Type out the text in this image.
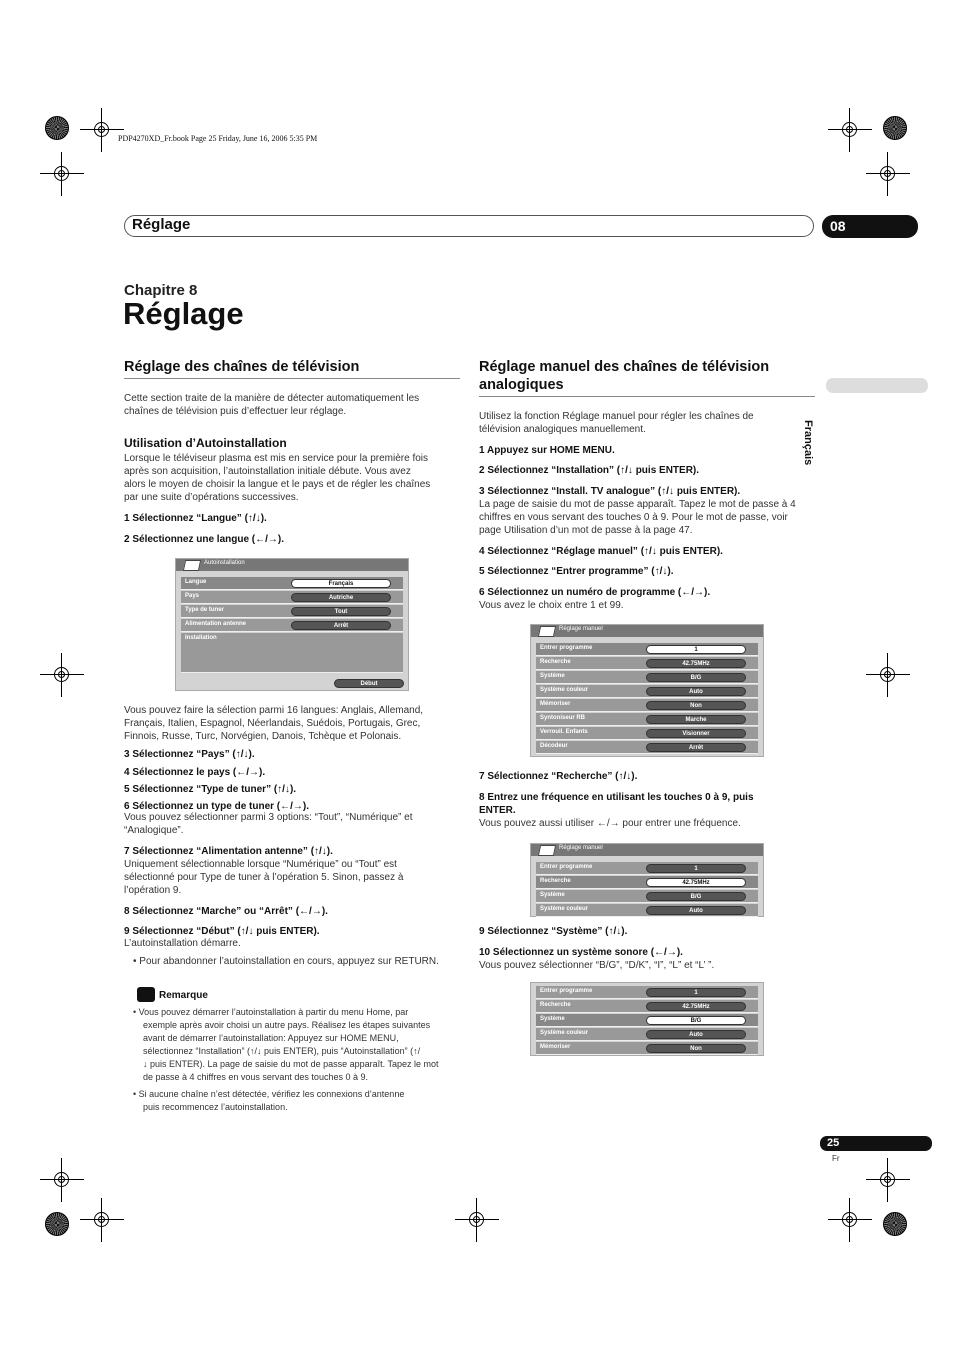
PDP4270XD_Fr.book Page 25 Friday, June 16, 2006 5:35 PM
Réglage	08
Français
Chapitre 8
Réglage
Réglage des chaînes de télévision
Cette section traite de la manière de détecter automatiquement les
chaînes de télévision puis d’effectuer leur réglage.
Utilisation d’Autoinstallation
Lorsque le téléviseur plasma est mis en service pour la première fois
après son acquisition, l’autoinstallation initiale débute. Vous avez
alors le moyen de choisir la langue et le pays et de régler les chaînes
par une suite d’opérations successives.
1 Sélectionnez “Langue” (↑/↓).
2 Sélectionnez une langue (←/→).
Autoinstallation
Langue	Français
Pays	Autriche
Type de tuner	Tout
Alimentation antenne	Arrêt
Installation
Début
Vous pouvez faire la sélection parmi 16 langues: Anglais, Allemand,
Français, Italien, Espagnol, Néerlandais, Suédois, Portugais, Grec,
Finnois, Russe, Turc, Norvégien, Danois, Tchèque et Polonais.
3 Sélectionnez “Pays” (↑/↓).
4 Sélectionnez le pays (←/→).
5 Sélectionnez “Type de tuner” (↑/↓).
6 Sélectionnez un type de tuner (←/→).
Vous pouvez sélectionner parmi 3 options: “Tout”, “Numérique” et
“Analogique”.
7 Sélectionnez “Alimentation antenne” (↑/↓).
Uniquement sélectionnable lorsque “Numérique” ou “Tout” est
sélectionné pour Type de tuner à l’opération 5. Sinon, passez à
l’opération 9.
8 Sélectionnez “Marche” ou “Arrêt” (←/→).
9 Sélectionnez “Début” (↑/↓ puis ENTER).
L’autoinstallation démarre.
• Pour abandonner l’autoinstallation en cours, appuyez sur RETURN.
Remarque
• Vous pouvez démarrer l’autoinstallation à partir du menu Home, par
exemple après avoir choisi un autre pays. Réalisez les étapes suivantes
avant de démarrer l’autoinstallation: Appuyez sur HOME MENU,
sélectionnez “Installation” (↑/↓ puis ENTER), puis “Autoinstallation” (↑/
↓ puis ENTER). La page de saisie du mot de passe apparaît. Tapez le mot
de passe à 4 chiffres en vous servant des touches 0 à 9.
• Si aucune chaîne n’est détectée, vérifiez les connexions d’antenne
puis recommencez l’autoinstallation.
Réglage manuel des chaînes de télévision
analogiques
Utilisez la fonction Réglage manuel pour régler les chaînes de
télévision analogiques manuellement.
1 Appuyez sur HOME MENU.
2 Sélectionnez “Installation” (↑/↓ puis ENTER).
3 Sélectionnez “Install. TV analogue” (↑/↓ puis ENTER).
La page de saisie du mot de passe apparaît. Tapez le mot de passe à 4
chiffres en vous servant des touches 0 à 9. Pour le mot de passe, voir
page Utilisation d’un mot de passe à la page 47.
4 Sélectionnez “Réglage manuel” (↑/↓ puis ENTER).
5 Sélectionnez “Entrer programme” (↑/↓).
6 Sélectionnez un numéro de programme (←/→).
Vous avez le choix entre 1 et 99.
Réglage manuel
Entrer programme	1
Recherche	42.75MHz
Système	B/G
Système couleur	Auto
Mémoriser	Non
Syntoniseur RB	Marche
Verrouil. Enfants	Visionner
Décodeur	Arrêt
7 Sélectionnez “Recherche” (↑/↓).
8 Entrez une fréquence en utilisant les touches 0 à 9, puis
ENTER.
Vous pouvez aussi utiliser ←/→ pour entrer une fréquence.
Réglage manuel
Entrer programme	1
Recherche	42.75MHz
Système	B/G
Système couleur	Auto
9 Sélectionnez “Système” (↑/↓).
10 Sélectionnez un système sonore (←/→).
Vous pouvez sélectionner “B/G”, “D/K”, “I”, “L” et “L’ ”.
Entrer programme	1
Recherche	42.75MHz
Système	B/G
Système couleur	Auto
Mémoriser	Non
25
Fr
